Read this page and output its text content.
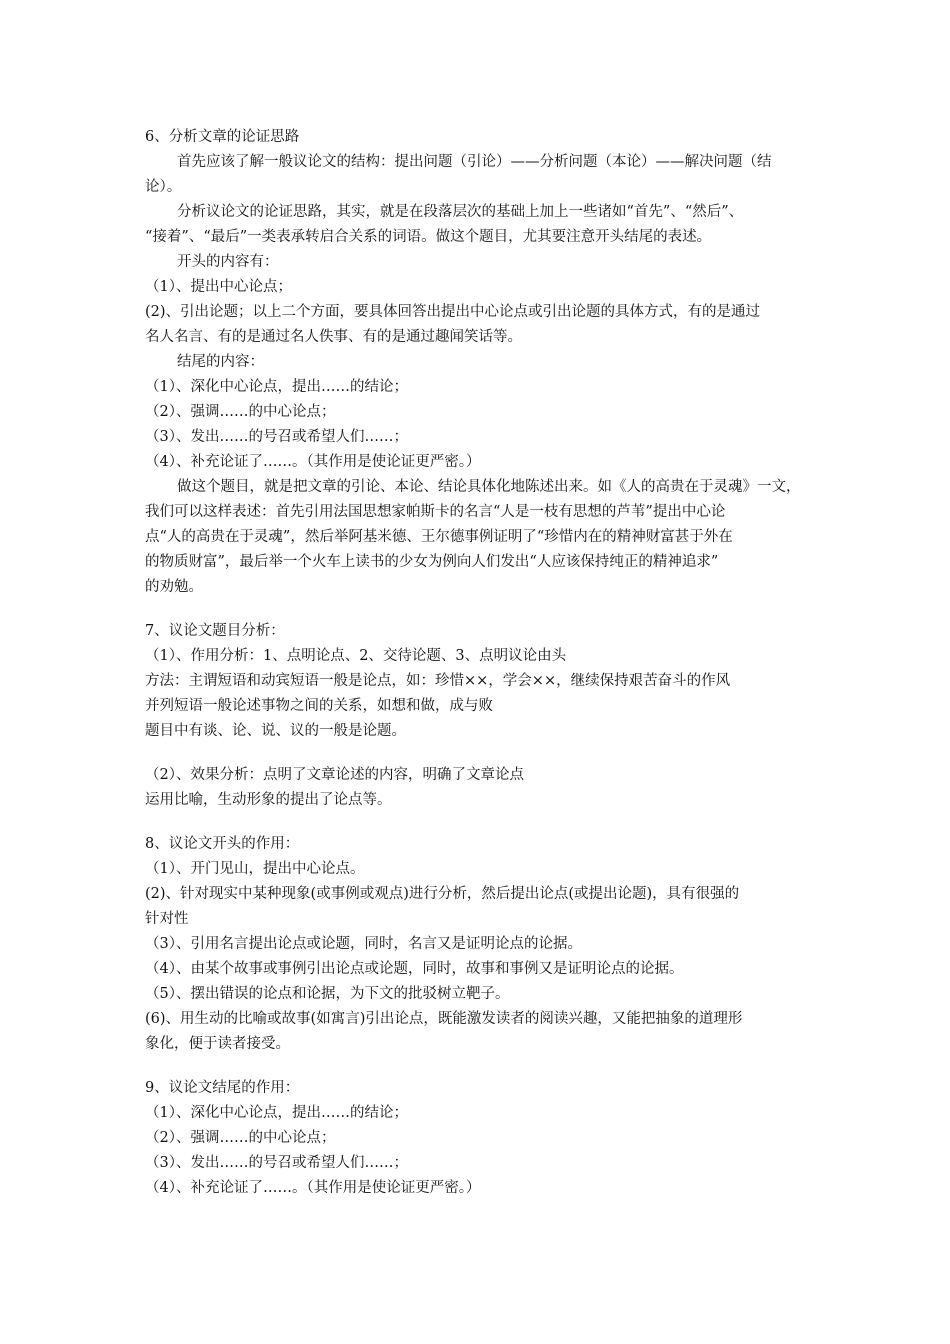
6、分析文章的论证思路
首先应该了解一般议论文的结构：提出问题（引论）——分析问题（本论）——解决问题（结
论）。
分析议论文的论证思路，其实，就是在段落层次的基础上加上一些诸如“首先”、“然后”、
“接着”、“最后”一类表承转启合关系的词语。做这个题目，尤其要注意开头结尾的表述。
开头的内容有：
（1）、提出中心论点；
(2)、引出论题；以上二个方面，要具体回答出提出中心论点或引出论题的具体方式，有的是通过
名人名言、有的是通过名人佚事、有的是通过趣闻笑话等。
结尾的内容：
（1）、深化中心论点，提出……的结论；
（2）、强调……的中心论点；
（3）、发出……的号召或希望人们……；
（4）、补充论证了……。（其作用是使论证更严密。）
做这个题目，就是把文章的引论、本论、结论具体化地陈述出来。如《人的高贵在于灵魂》一文，
我们可以这样表述：首先引用法国思想家帕斯卡的名言“人是一枝有思想的芦苇”提出中心论
点“人的高贵在于灵魂”，然后举阿基米德、王尔德事例证明了“珍惜内在的精神财富甚于外在
的物质财富”，最后举一个火车上读书的少女为例向人们发出“人应该保持纯正的精神追求”
的劝勉。
7、议论文题目分析：
（1）、作用分析：1、点明论点、2、交待论题、3、点明议论由头
方法：主谓短语和动宾短语一般是论点，如：珍惜××，学会××，继续保持艰苦奋斗的作风
并列短语一般论述事物之间的关系，如想和做，成与败
题目中有谈、论、说、议的一般是论题。
（2）、效果分析：点明了文章论述的内容，明确了文章论点
运用比喻，生动形象的提出了论点等。
8、议论文开头的作用：
（1）、开门见山，提出中心论点。
(2)、针对现实中某种现象(或事例或观点)进行分析，然后提出论点(或提出论题)，具有很强的
针对性
（3）、引用名言提出论点或论题，同时，名言又是证明论点的论据。
（4）、由某个故事或事例引出论点或论题，同时，故事和事例又是证明论点的论据。
（5）、摆出错误的论点和论据，为下文的批驳树立靶子。
(6)、用生动的比喻或故事(如寓言)引出论点，既能激发读者的阅读兴趣，又能把抽象的道理形
象化，便于读者接受。
9、议论文结尾的作用：
（1）、深化中心论点，提出……的结论；
（2）、强调……的中心论点；
（3）、发出……的号召或希望人们……；
（4）、补充论证了……。（其作用是使论证更严密。）
